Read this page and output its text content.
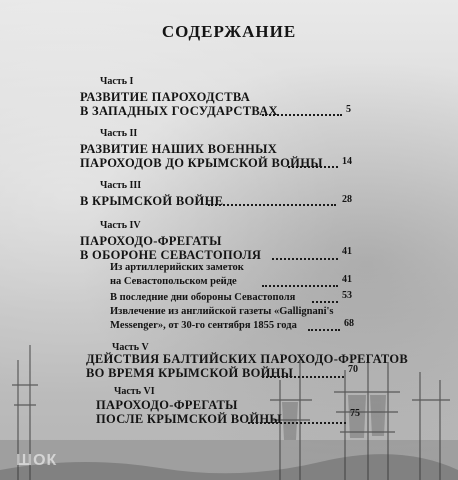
СОДЕРЖАНИЕ
Часть I
РАЗВИТИЕ ПАРОХОДСТВА
В ЗАПАДНЫХ ГОСУДАРСТВАХ	5
Часть II
РАЗВИТИЕ НАШИХ ВОЕННЫХ
ПАРОХОДОВ ДО КРЫМСКОЙ ВОЙНЫ 14
Часть III
В КРЫМСКОЙ ВОЙНЕ	28
Часть IV
ПАРОХОДО-ФРЕГАТЫ
В ОБОРОНЕ СЕВАСТОПОЛЯ	41
Из артиллерийских заметок
на Севастопольском рейде	41
В последние дни обороны Севастополя	53
Извлечение из английской газеты «Gallignani's
Messenger», от 30-го сентября 1855 года	68
Часть V
ДЕЙСТВИЯ БАЛТИЙСКИХ ПАРОХОДО-ФРЕГАТОВ
ВО ВРЕМЯ КРЫМСКОЙ ВОЙНЫ	70
Часть VI
ПАРОХОДО-ФРЕГАТЫ
ПОСЛЕ КРЫМСКОЙ ВОЙНЫ	75
ШОК
